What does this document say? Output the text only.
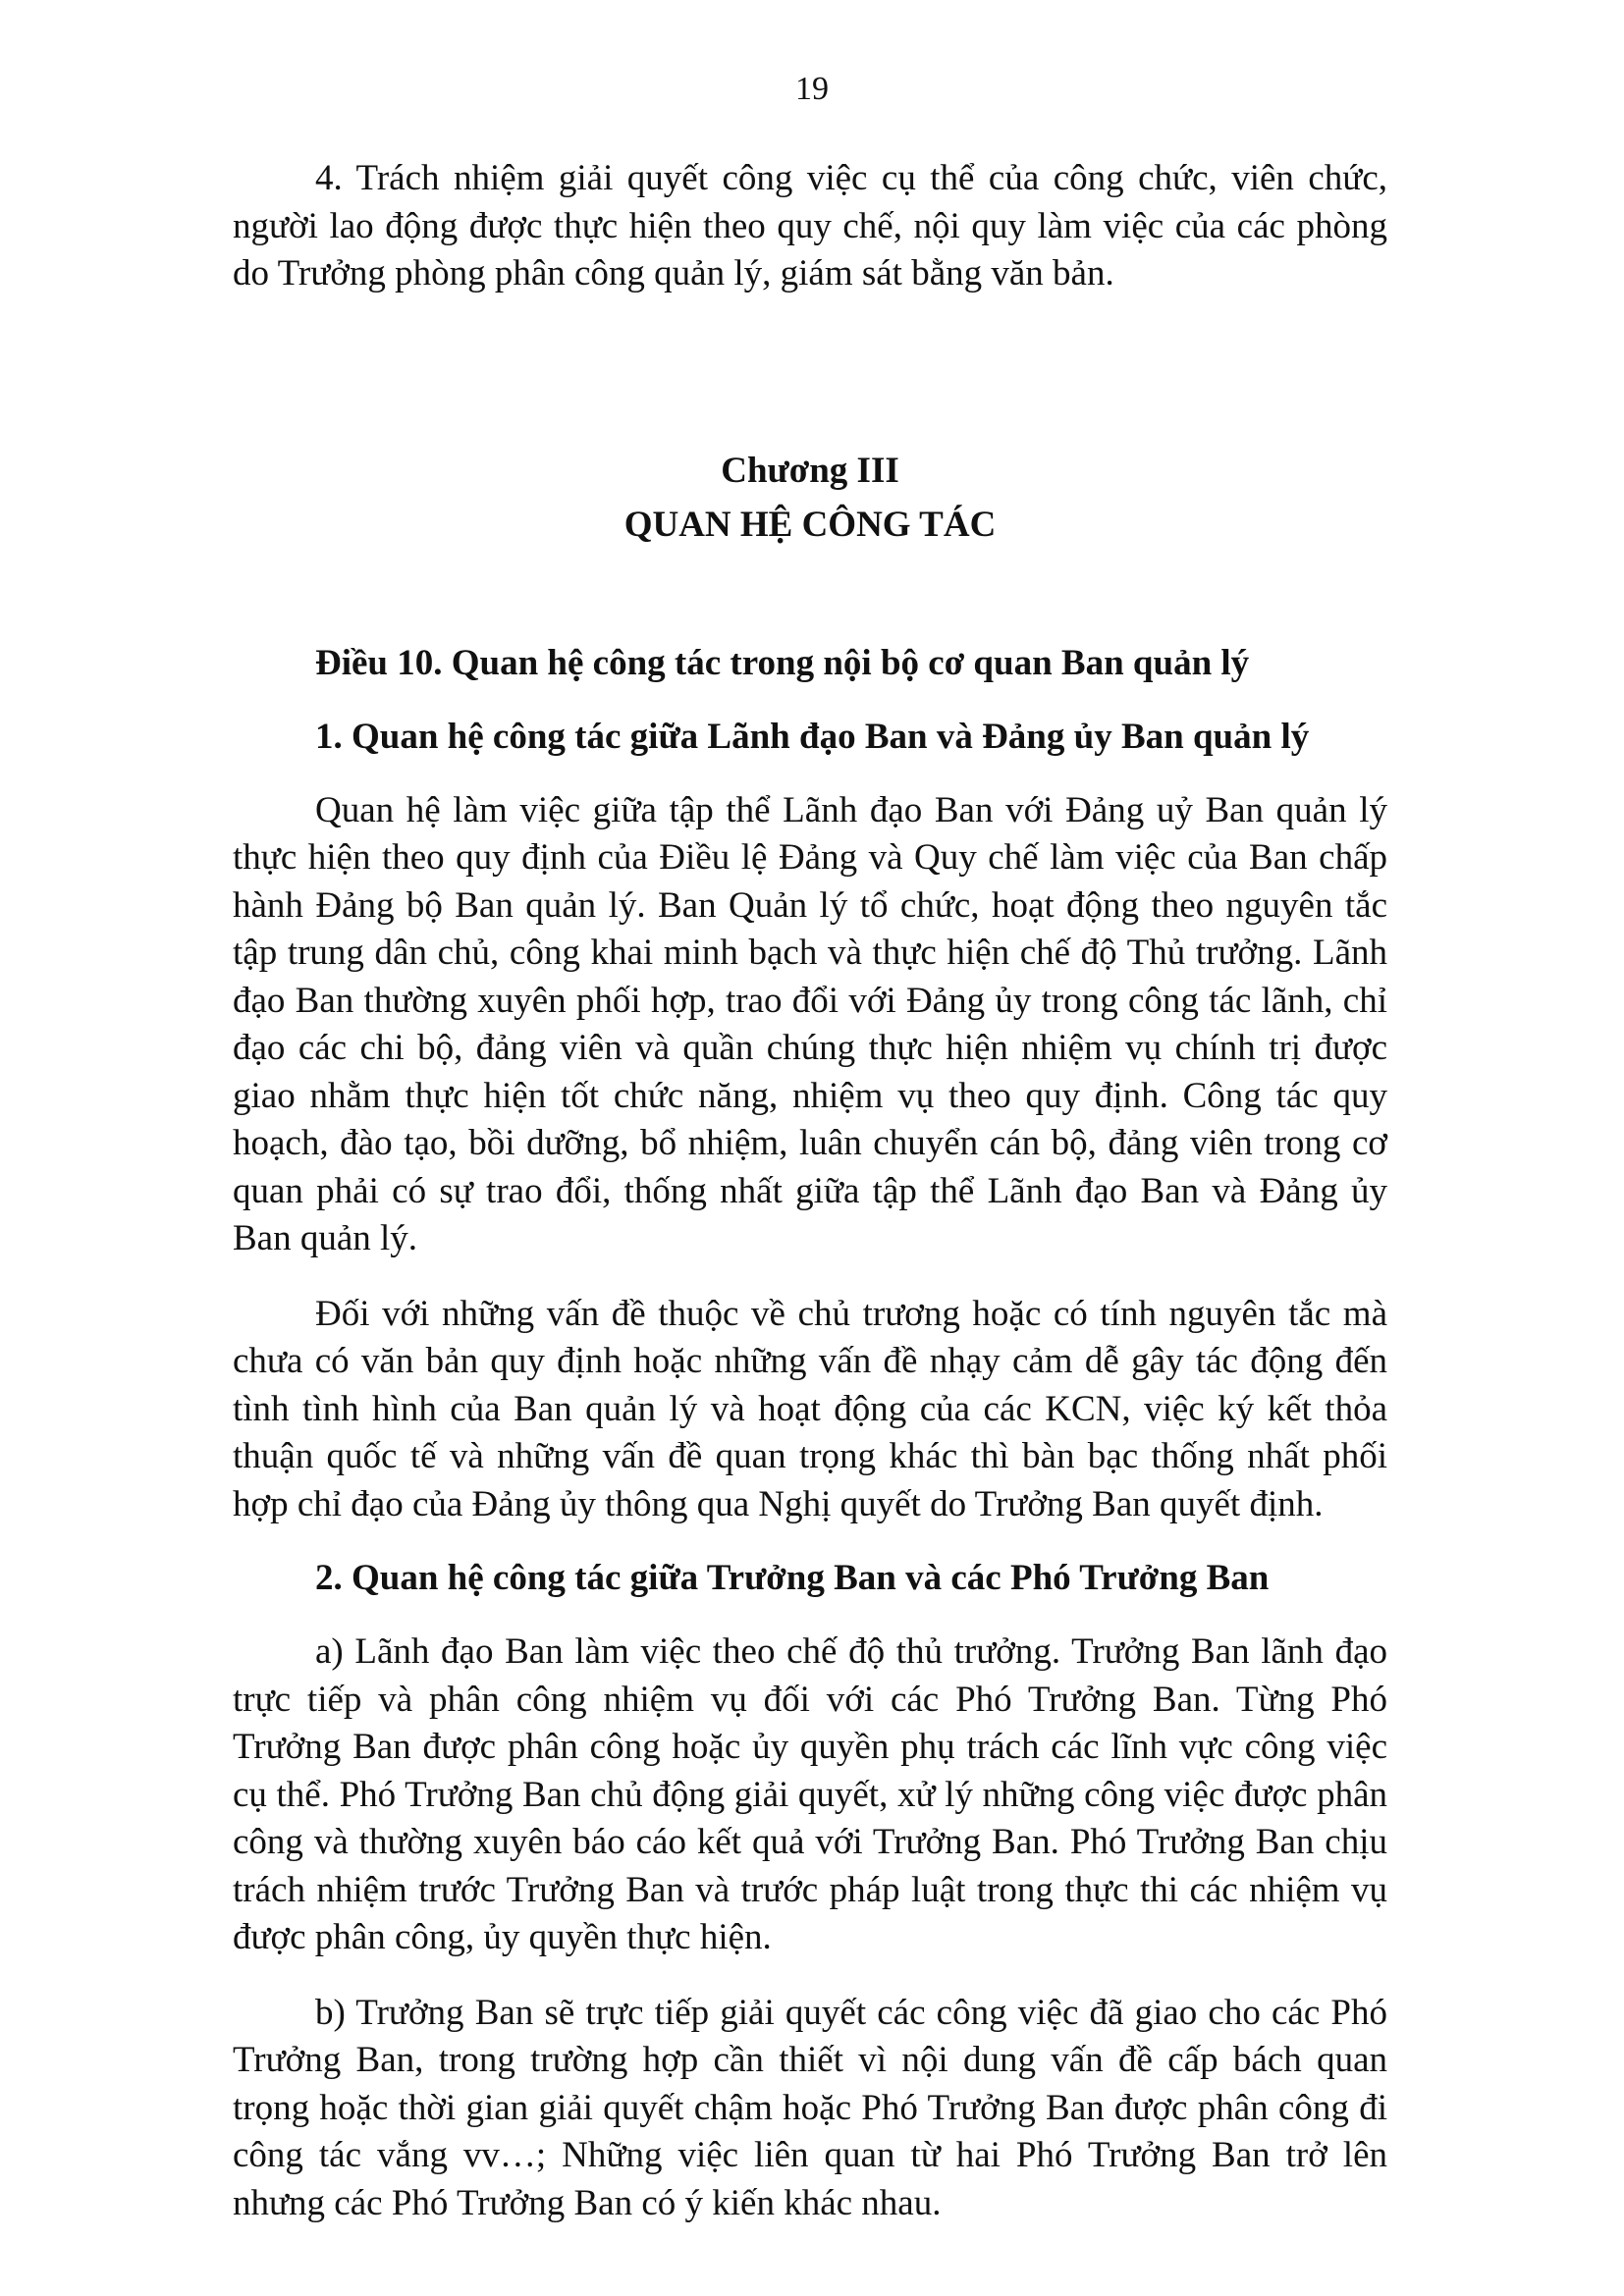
19

4. Trách nhiệm giải quyết công việc cụ thể của công chức, viên chức, người lao động được thực hiện theo quy chế, nội quy làm việc của các phòng do Trưởng phòng phân công quản lý, giám sát bằng văn bản.

Chương III

QUAN HỆ CÔNG TÁC

Điều 10. Quan hệ công tác trong nội bộ cơ quan Ban quản lý

1. Quan hệ công tác giữa Lãnh đạo Ban và Đảng ủy Ban quản lý

Quan hệ làm việc giữa tập thể Lãnh đạo Ban với Đảng uỷ Ban quản lý thực hiện theo quy định của Điều lệ Đảng và Quy chế làm việc của Ban chấp hành Đảng bộ Ban quản lý. Ban Quản lý tổ chức, hoạt động theo nguyên tắc tập trung dân chủ, công khai minh bạch và thực hiện chế độ Thủ trưởng. Lãnh đạo Ban thường xuyên phối hợp, trao đổi với Đảng ủy trong công tác lãnh, chỉ đạo các chi bộ, đảng viên và quần chúng thực hiện nhiệm vụ chính trị được giao nhằm thực hiện tốt chức năng, nhiệm vụ theo quy định. Công tác quy hoạch, đào tạo, bồi dưỡng, bổ nhiệm, luân chuyển cán bộ, đảng viên trong cơ quan phải có sự trao đổi, thống nhất giữa tập thể Lãnh đạo Ban và Đảng ủy Ban quản lý.

Đối với những vấn đề thuộc về chủ trương hoặc có tính nguyên tắc mà chưa có văn bản quy định hoặc những vấn đề nhạy cảm dễ gây tác động đến tình tình hình của Ban quản lý và hoạt động của các KCN, việc ký kết thỏa thuận quốc tế và những vấn đề quan trọng khác thì bàn bạc thống nhất phối hợp chỉ đạo của Đảng ủy thông qua Nghị quyết do Trưởng Ban quyết định.

2. Quan hệ công tác giữa Trưởng Ban và các Phó Trưởng Ban

a) Lãnh đạo Ban làm việc theo chế độ thủ trưởng. Trưởng Ban lãnh đạo trực tiếp và phân công nhiệm vụ đối với các Phó Trưởng Ban. Từng Phó Trưởng Ban được phân công hoặc ủy quyền phụ trách các lĩnh vực công việc cụ thể. Phó Trưởng Ban chủ động giải quyết, xử lý những công việc được phân công và thường xuyên báo cáo kết quả với Trưởng Ban. Phó Trưởng Ban chịu trách nhiệm trước Trưởng Ban và trước pháp luật trong thực thi các nhiệm vụ được phân công, ủy quyền thực hiện.

b) Trưởng Ban sẽ trực tiếp giải quyết các công việc đã giao cho các Phó Trưởng Ban, trong trường hợp cần thiết vì nội dung vấn đề cấp bách quan trọng hoặc thời gian giải quyết chậm hoặc Phó Trưởng Ban được phân công đi công tác vắng vv…; Những việc liên quan từ hai Phó Trưởng Ban trở lên nhưng các Phó Trưởng Ban có ý kiến khác nhau.
